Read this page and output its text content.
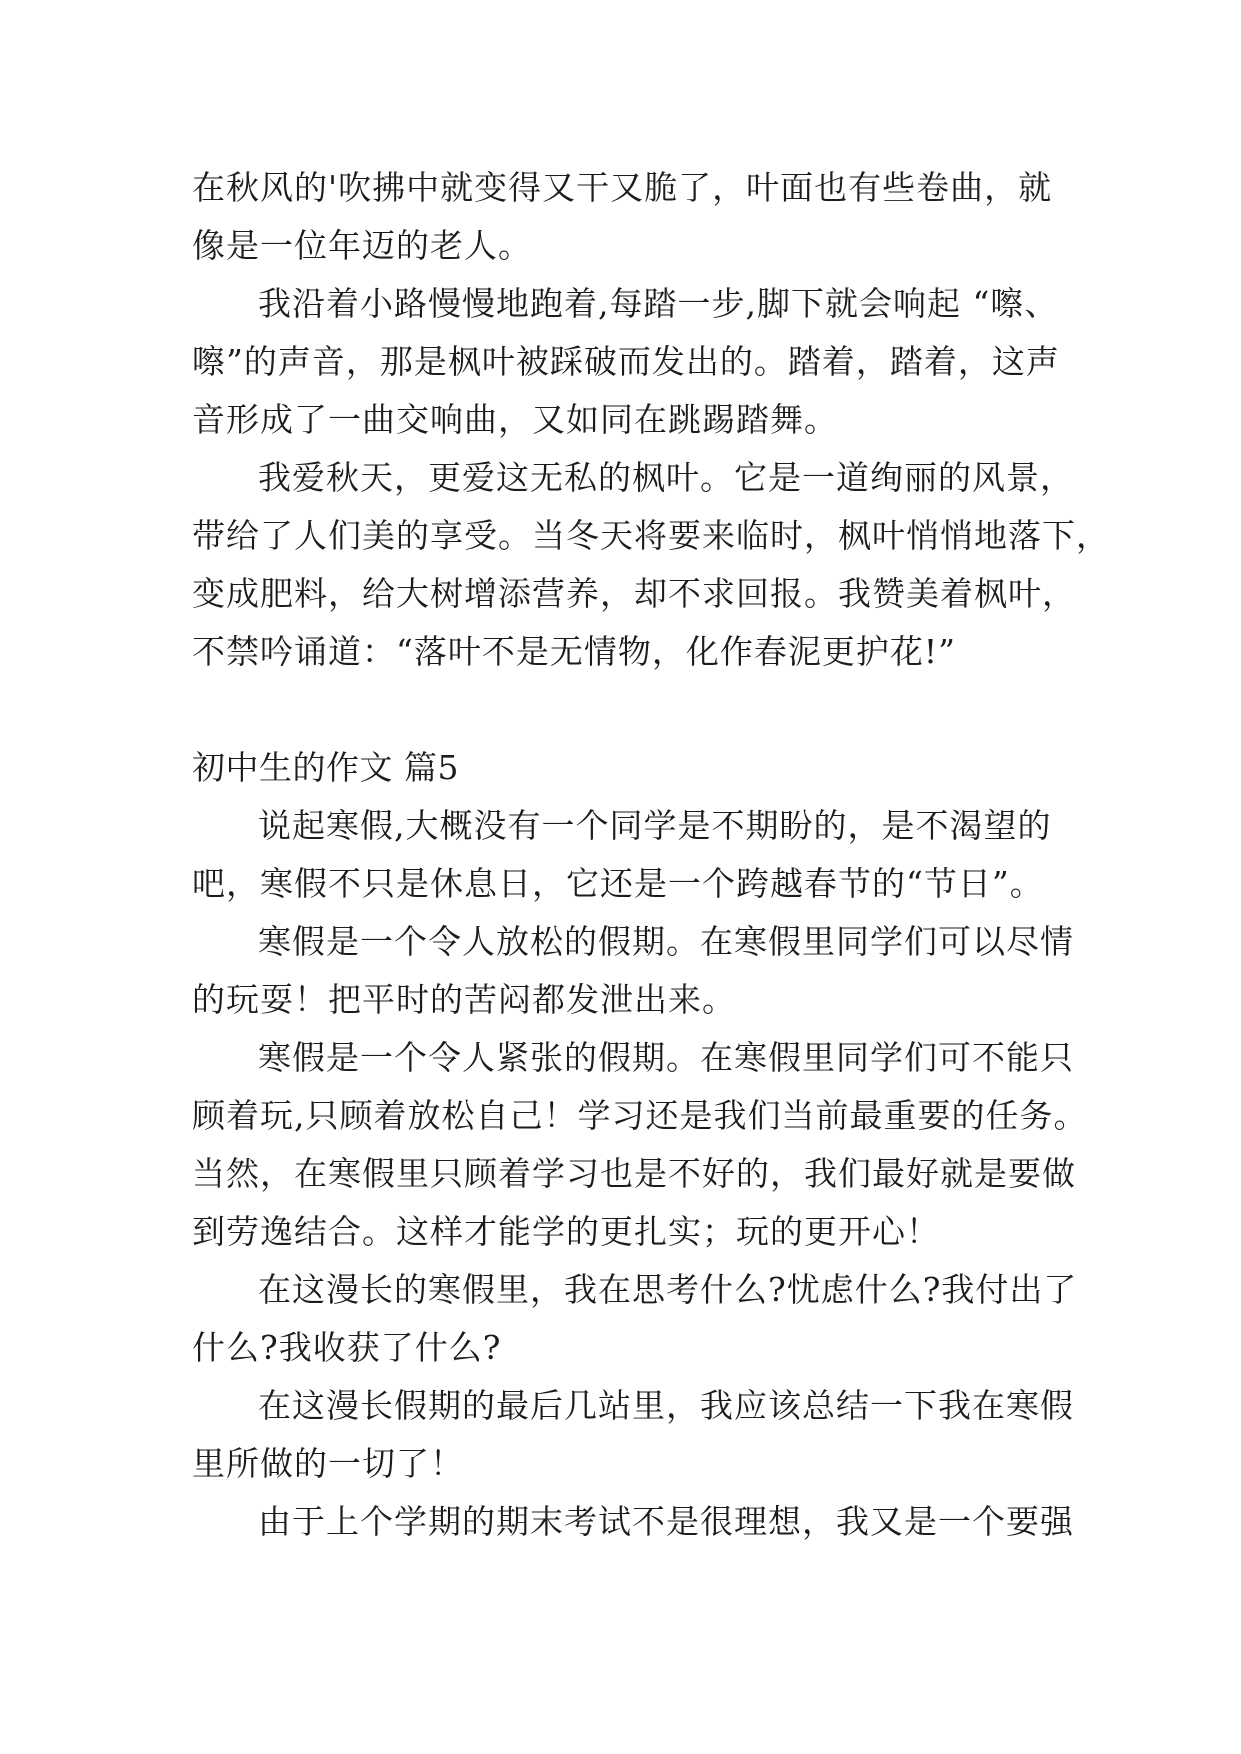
在秋风的'吹拂中就变得又干又脆了，叶面也有些卷曲，就
像是一位年迈的老人。
我沿着小路慢慢地跑着,每踏一步,脚下就会响起 “嚓、
嚓”的声音，那是枫叶被踩破而发出的。踏着，踏着，这声
音形成了一曲交响曲，又如同在跳踢踏舞。
我爱秋天，更爱这无私的枫叶。它是一道绚丽的风景，
带给了人们美的享受。当冬天将要来临时，枫叶悄悄地落下，
变成肥料，给大树增添营养，却不求回报。我赞美着枫叶，
不禁吟诵道：“落叶不是无情物，化作春泥更护花!”
初中生的作文 篇5
说起寒假,大概没有一个同学是不期盼的，是不渴望的
吧，寒假不只是休息日，它还是一个跨越春节的“节日”。
寒假是一个令人放松的假期。在寒假里同学们可以尽情
的玩耍！把平时的苦闷都发泄出来。
寒假是一个令人紧张的假期。在寒假里同学们可不能只
顾着玩,只顾着放松自己！学习还是我们当前最重要的任务。
当然，在寒假里只顾着学习也是不好的，我们最好就是要做
到劳逸结合。这样才能学的更扎实；玩的更开心！
在这漫长的寒假里，我在思考什么?忧虑什么?我付出了
什么?我收获了什么?
在这漫长假期的最后几站里，我应该总结一下我在寒假
里所做的一切了！
由于上个学期的期末考试不是很理想，我又是一个要强
